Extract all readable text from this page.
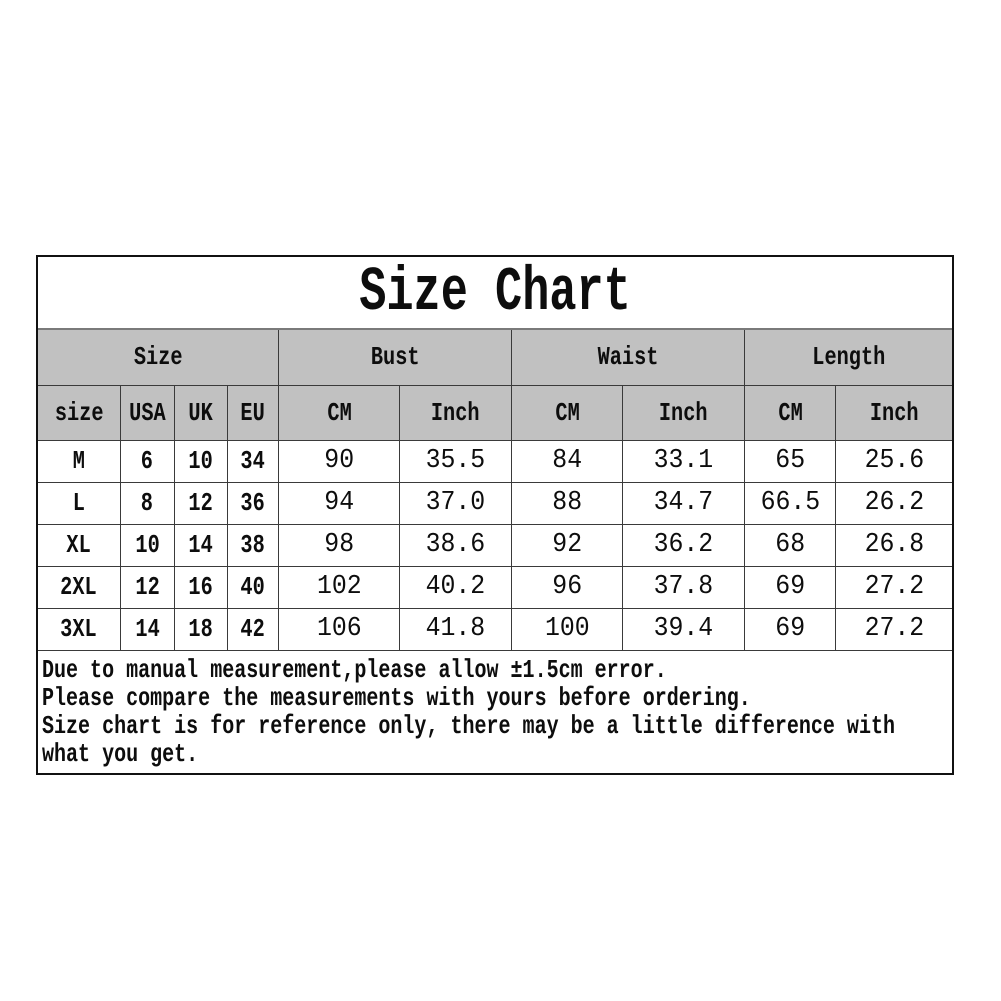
Size Chart
Size				Bust		Waist		Length	
size	USA	UK	EU	CM	Inch	CM	Inch	CM	Inch
M	6	10	34	90	35.5	84	33.1	65	25.6
L	8	12	36	94	37.0	88	34.7	66.5	26.2
XL	10	14	38	98	38.6	92	36.2	68	26.8
2XL	12	16	40	102	40.2	96	37.8	69	27.2
3XL	14	18	42	106	41.8	100	39.4	69	27.2
Due to manual measurement,please allow ±1.5cm error.
Please compare the measurements with yours before ordering.
Size chart is for reference only, there may be a little difference with
what you get.
